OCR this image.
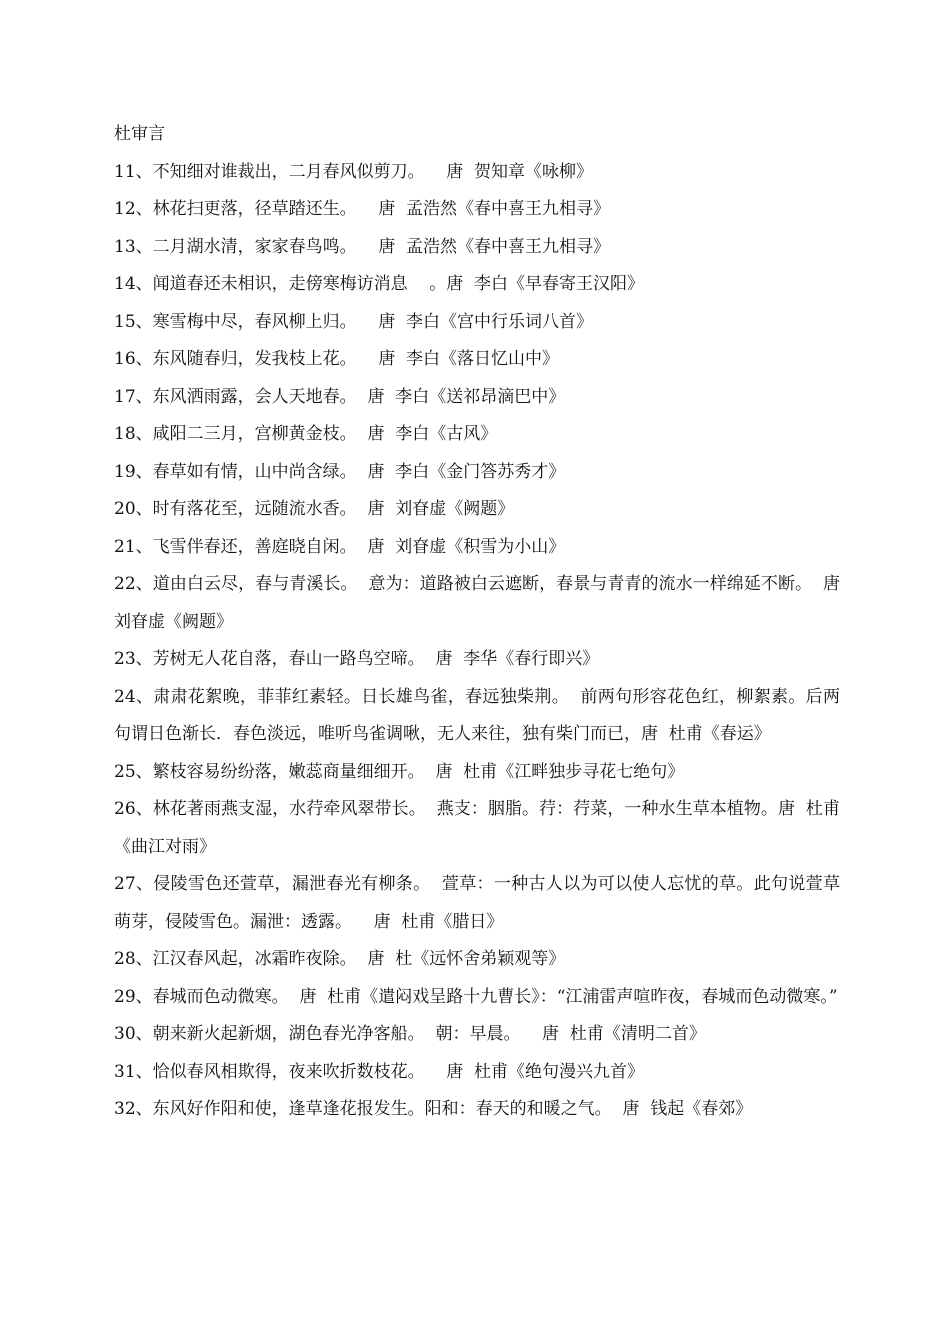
杜审言

11、不知细对谁裁出，二月春风似剪刀。    唐  贺知章《咏柳》

12、林花扫更落，径草踏还生。    唐  孟浩然《春中喜王九相寻》

13、二月湖水清，家家春鸟鸣。    唐  孟浩然《春中喜王九相寻》

14、闻道春还未相识，走傍寒梅访消息    。唐  李白《早春寄王汉阳》

15、寒雪梅中尽，春风柳上归。    唐  李白《宫中行乐词八首》

16、东风随春归，发我枝上花。    唐  李白《落日忆山中》

17、东风洒雨露，会人天地春。  唐  李白《送祁昂滴巴中》

18、咸阳二三月，宫柳黄金枝。  唐  李白《古风》

19、春草如有情，山中尚含绿。  唐  李白《金门答苏秀才》

20、时有落花至，远随流水香。  唐  刘眘虚《阙题》

21、飞雪伴春还，善庭晓自闲。  唐  刘眘虚《积雪为小山》

22、道由白云尽，春与青溪长。  意为：道路被白云遮断，春景与青青的流水一样绵延不断。  唐  刘眘虚《阙题》

23、芳树无人花自落，春山一路鸟空啼。  唐  李华《春行即兴》

24、肃肃花絮晚，菲菲红素轻。日长雄鸟雀，春远独柴荆。  前两句形容花色红，柳絮素。后两句谓日色渐长．春色淡远，唯听鸟雀调啾，无人来往，独有柴门而已，唐  杜甫《春运》

25、繁枝容易纷纷落，嫩蕊商量细细开。  唐  杜甫《江畔独步寻花七绝句》

26、林花著雨燕支湿，水荇牵风翠带长。  燕支：胭脂。荇：荇菜，一种水生草本植物。唐  杜甫《曲江对雨》

27、侵陵雪色还萱草，漏泄春光有柳条。  萱草：一种古人以为可以使人忘忧的草。此句说萱草萌芽，侵陵雪色。漏泄：透露。    唐  杜甫《腊日》

28、江汉春风起，冰霜昨夜除。  唐  杜《远怀舍弟颖观等》

29、春城而色动微寒。  唐  杜甫《遣闷戏呈路十九曹长》：“江浦雷声喧昨夜，春城而色动微寒。”

30、朝来新火起新烟，湖色春光净客船。  朝：早晨。    唐  杜甫《清明二首》

31、恰似春风相欺得，夜来吹折数枝花。    唐  杜甫《绝句漫兴九首》

32、东风好作阳和使，逢草逢花报发生。阳和：春天的和暖之气。  唐  钱起《春郊》
